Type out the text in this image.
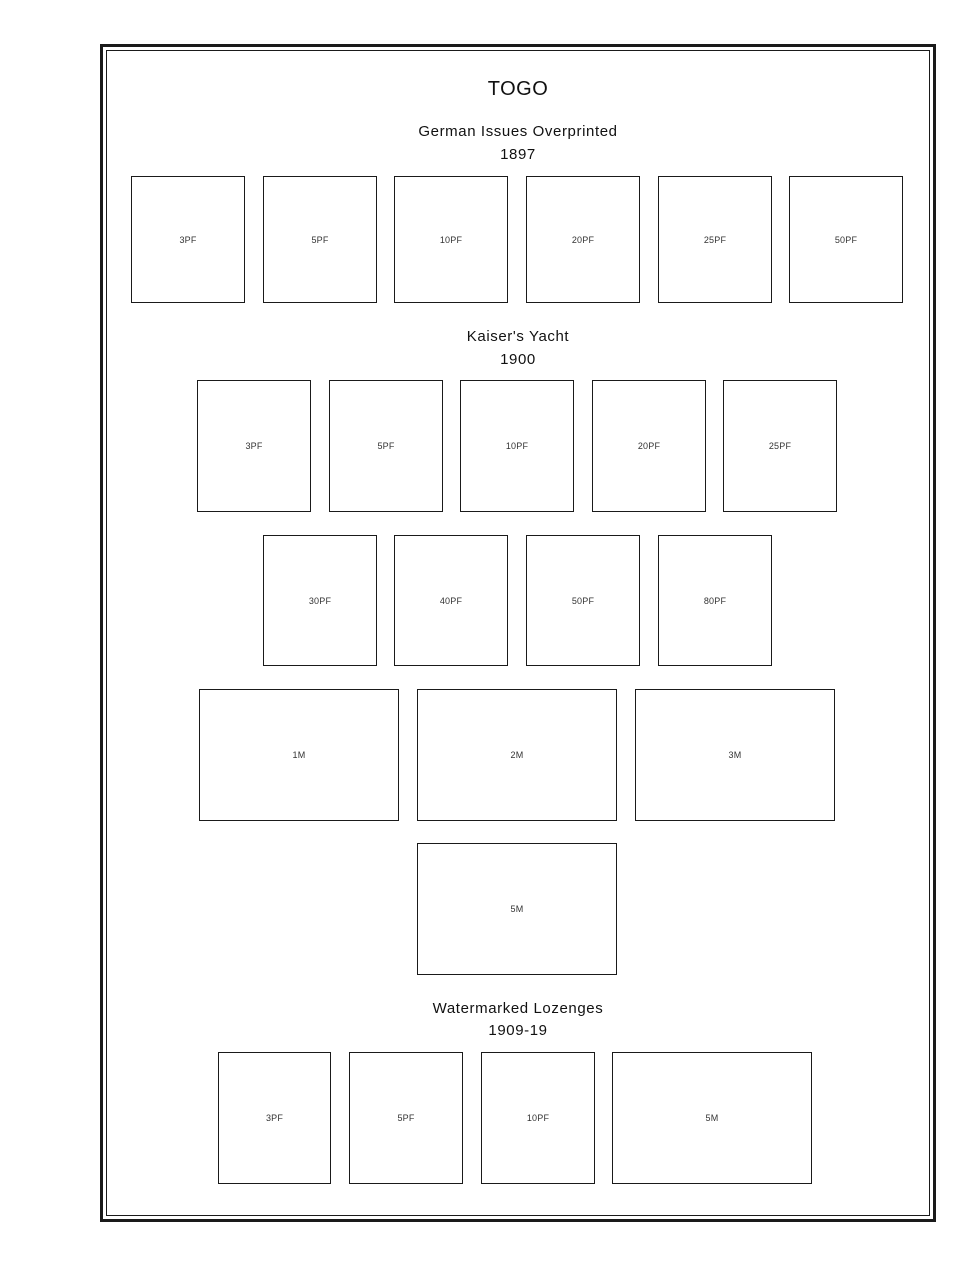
TOGO
German Issues Overprinted
1897
3PF	5PF	10PF	20PF	25PF	50PF
Kaiser's Yacht
1900
3PF	5PF	10PF	20PF	25PF
30PF	40PF	50PF	80PF
1M	2M	3M
5M
Watermarked Lozenges
1909-19
3PF	5PF	10PF	5M
